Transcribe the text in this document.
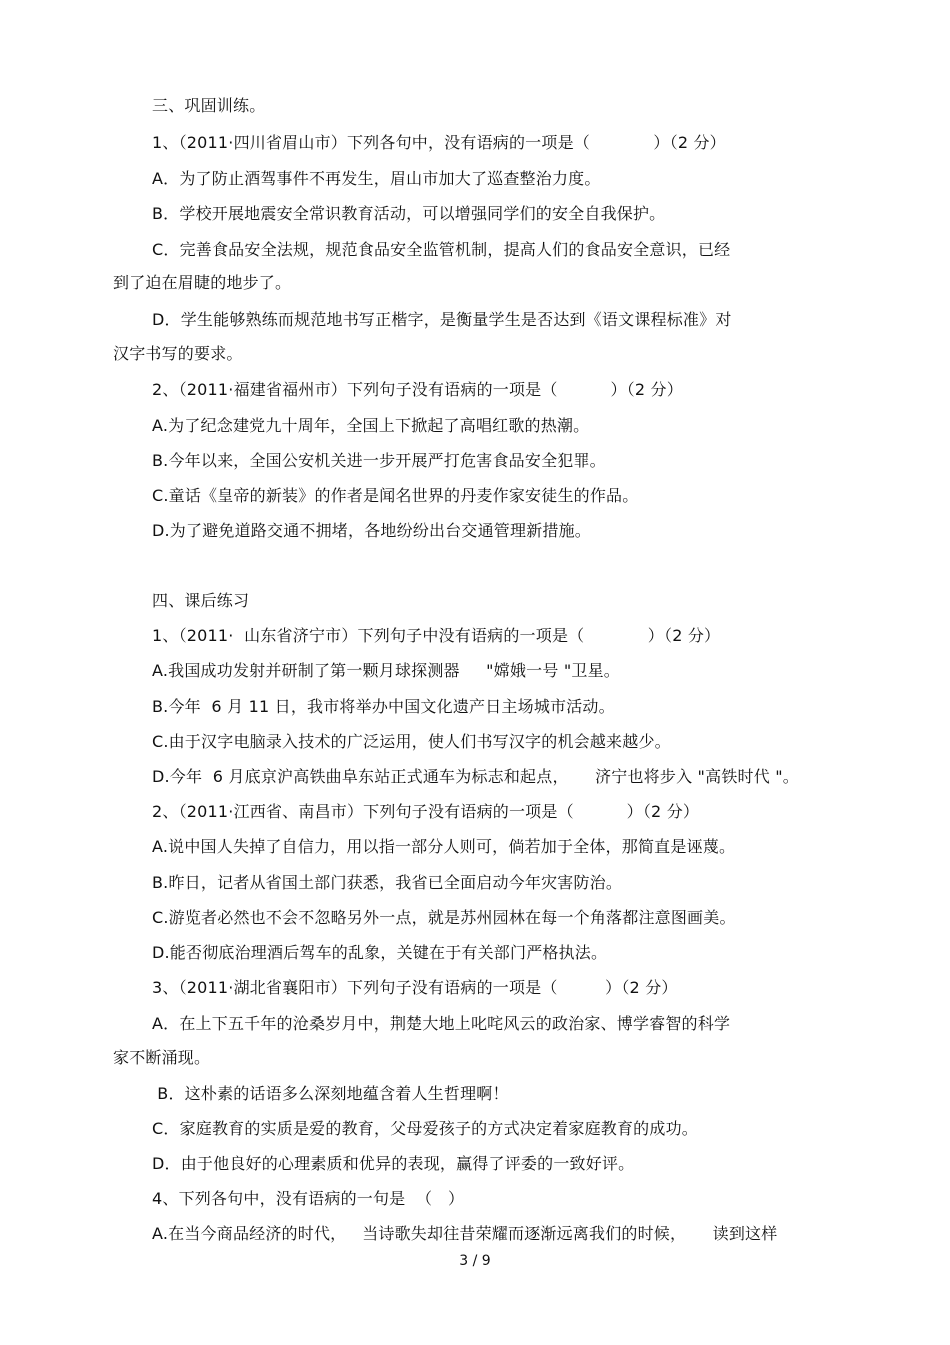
三、巩固训练。
1、（2011·四川省眉山市）下列各句中，没有语病的一项是（            ）（2 分）
A．为了防止酒驾事件不再发生，眉山市加大了巡查整治力度。
B．学校开展地震安全常识教育活动，可以增强同学们的安全自我保护。
C．完善食品安全法规，规范食品安全监管机制，提高人们的食品安全意识，已经
到了迫在眉睫的地步了。
D．学生能够熟练而规范地书写正楷字，是衡量学生是否达到《语文课程标准》对
汉字书写的要求。
2、（2011·福建省福州市）下列句子没有语病的一项是（          ）（2 分）
A.为了纪念建党九十周年，全国上下掀起了高唱红歌的热潮。
B.今年以来，全国公安机关进一步开展严打危害食品安全犯罪。
C.童话《皇帝的新装》的作者是闻名世界的丹麦作家安徒生的作品。
D.为了避免道路交通不拥堵，各地纷纷出台交通管理新措施。
四、课后练习
1、（2011·  山东省济宁市）下列句子中没有语病的一项是（            ）（2 分）
A.我国成功发射并研制了第一颗月球探测器     "嫦娥一号 "卫星。
B.今年  6 月 11 日，我市将举办中国文化遗产日主场城市活动。
C.由于汉字电脑录入技术的广泛运用，使人们书写汉字的机会越来越少。
D.今年  6 月底京沪高铁曲阜东站正式通车为标志和起点，     济宁也将步入 "高铁时代 "。
2、（2011·江西省、南昌市）下列句子没有语病的一项是（          ）（2 分）
A.说中国人失掉了自信力，用以指一部分人则可，倘若加于全体，那简直是诬蔑。
B.昨日，记者从省国土部门获悉，我省已全面启动今年灾害防治。
C.游览者必然也不会不忽略另外一点，就是苏州园林在每一个角落都注意图画美。
D.能否彻底治理酒后驾车的乱象，关键在于有关部门严格执法。
3、（2011·湖北省襄阳市）下列句子没有语病的一项是（         ）（2 分）
A．在上下五千年的沧桑岁月中，荆楚大地上叱咤风云的政治家、博学睿智的科学
家不断涌现。
B．这朴素的话语多么深刻地蕴含着人生哲理啊！
C．家庭教育的实质是爱的教育，父母爱孩子的方式决定着家庭教育的成功。
D．由于他良好的心理素质和优异的表现，赢得了评委的一致好评。
4、下列各句中，没有语病的一句是  （   ）
A.在当今商品经济的时代，   当诗歌失却往昔荣耀而逐渐远离我们的时候，     读到这样
3 / 9
